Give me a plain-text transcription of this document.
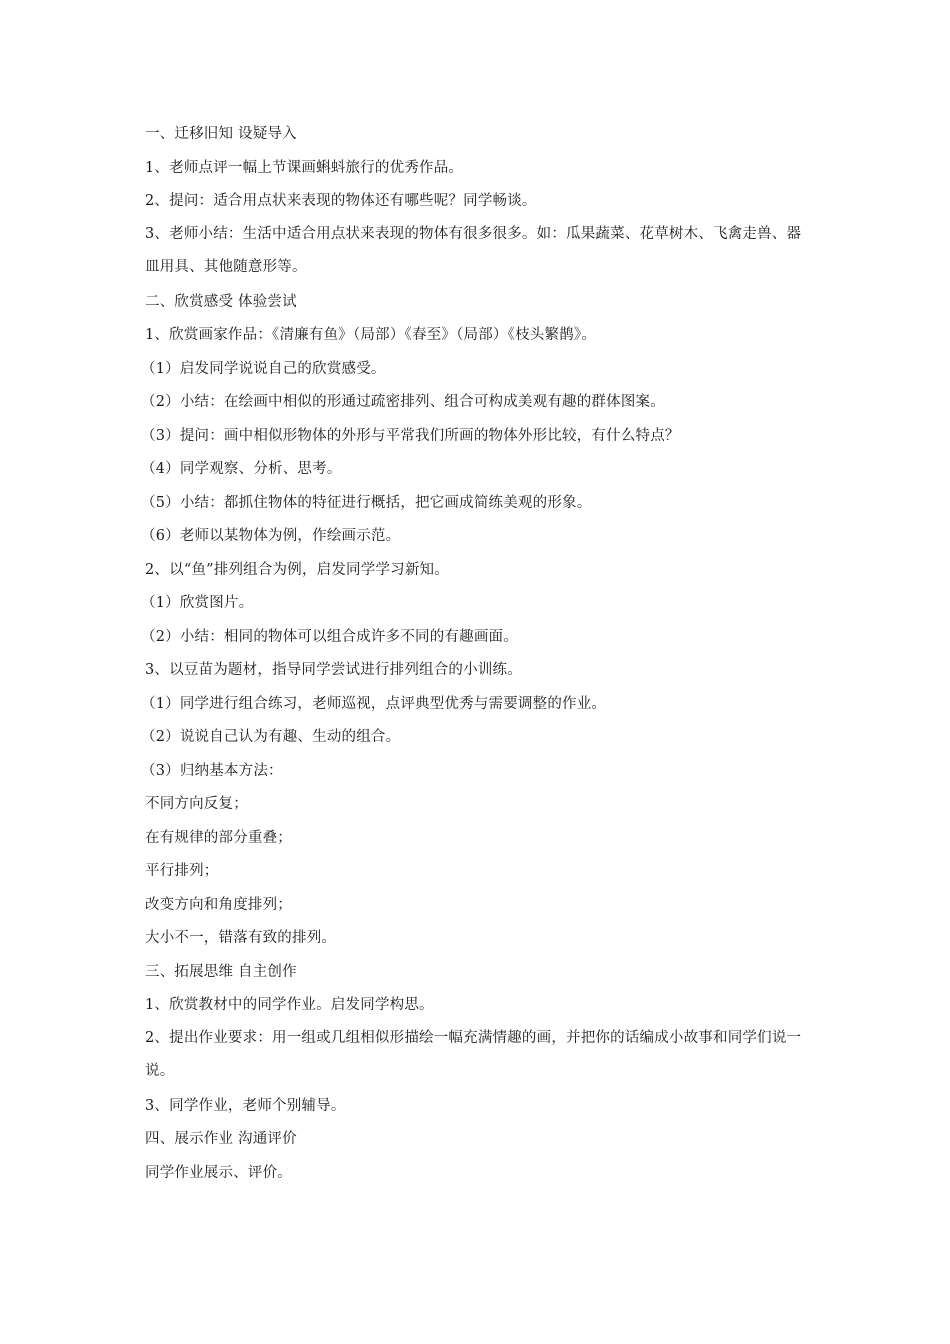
一、迁移旧知 设疑导入
1、老师点评一幅上节课画蝌蚪旅行的优秀作品。
2、提问：适合用点状来表现的物体还有哪些呢？同学畅谈。
3、老师小结：生活中适合用点状来表现的物体有很多很多。如：瓜果蔬菜、花草树木、飞禽走兽、器皿用具、其他随意形等。
二、欣赏感受 体验尝试
1、欣赏画家作品：《清廉有鱼》（局部）《春至》（局部）《枝头繁鹊》。
（1）启发同学说说自己的欣赏感受。
（2）小结：在绘画中相似的形通过疏密排列、组合可构成美观有趣的群体图案。
（3）提问：画中相似形物体的外形与平常我们所画的物体外形比较，有什么特点？
（4）同学观察、分析、思考。
（5）小结：都抓住物体的特征进行概括，把它画成简练美观的形象。
（6）老师以某物体为例，作绘画示范。
2、以“鱼”排列组合为例，启发同学学习新知。
（1）欣赏图片。
（2）小结：相同的物体可以组合成许多不同的有趣画面。
3、以豆苗为题材，指导同学尝试进行排列组合的小训练。
（1）同学进行组合练习，老师巡视，点评典型优秀与需要调整的作业。
（2）说说自己认为有趣、生动的组合。
（3）归纳基本方法：
不同方向反复；
在有规律的部分重叠；
平行排列；
改变方向和角度排列；
大小不一，错落有致的排列。
三、拓展思维 自主创作
1、欣赏教材中的同学作业。启发同学构思。
2、提出作业要求：用一组或几组相似形描绘一幅充满情趣的画，并把你的话编成小故事和同学们说一说。
3、同学作业，老师个别辅导。
四、展示作业 沟通评价
同学作业展示、评价。
